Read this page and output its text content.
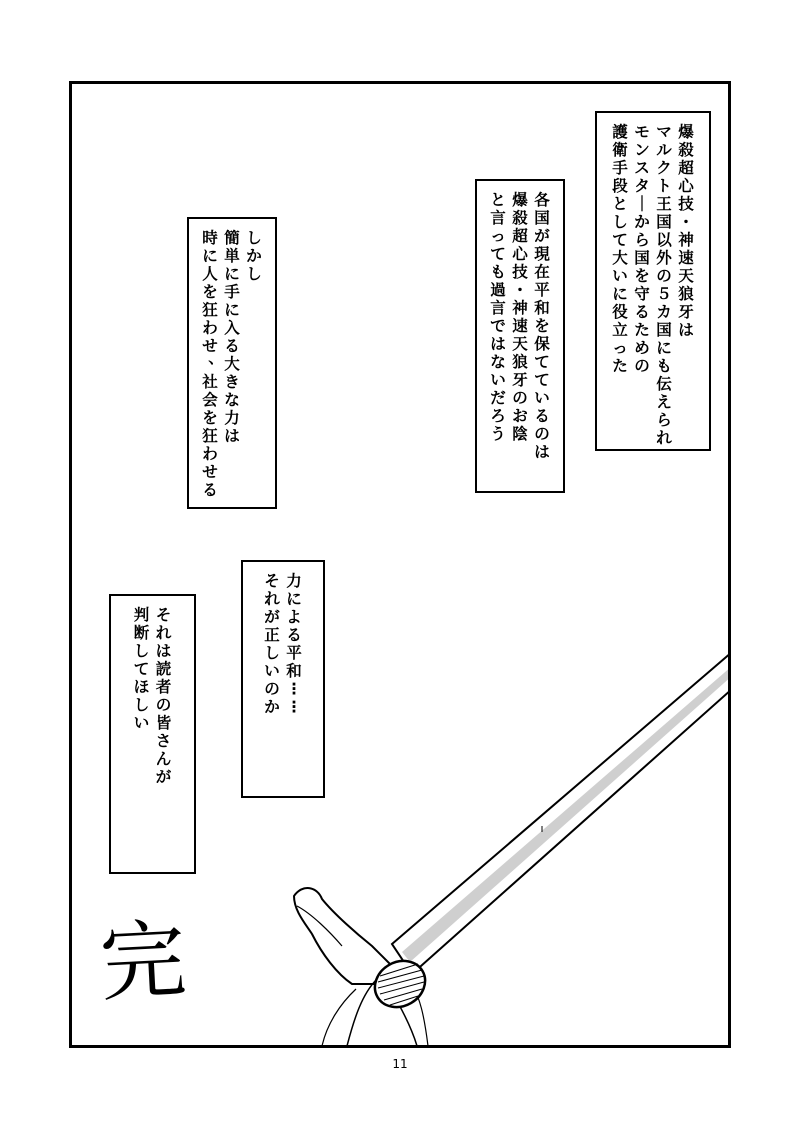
爆
殺
超
心
技
・
神
速
天
狼
牙
は
マ
ル
ク
ト
王
国
以
外
の
５
カ
国
に
も
伝
え
ら
れ
モ
ン
ス
タ
｜
か
ら
国
を
守
る
た
め
の
護
衛
手
段
と
し
て
大
い
に
役
立
っ
た
各
国
が
現
在
平
和
を
保
て
て
い
る
の
は
爆
殺
超
心
技
・
神
速
天
狼
牙
の
お
陰
と
言
っ
て
も
過
言
で
は
な
い
だ
ろ
う
し
か
し
簡
単
に
手
に
入
る
大
き
な
力
は
時
に
人
を
狂
わ
せ
、
社
会
を
狂
わ
せ
る
力
に
よ
る
平
和
⋮
⋮
そ
れ
が
正
し
い
の
か
そ
れ
は
読
者
の
皆
さ
ん
が
判
断
し
て
ほ
し
い
完
11
